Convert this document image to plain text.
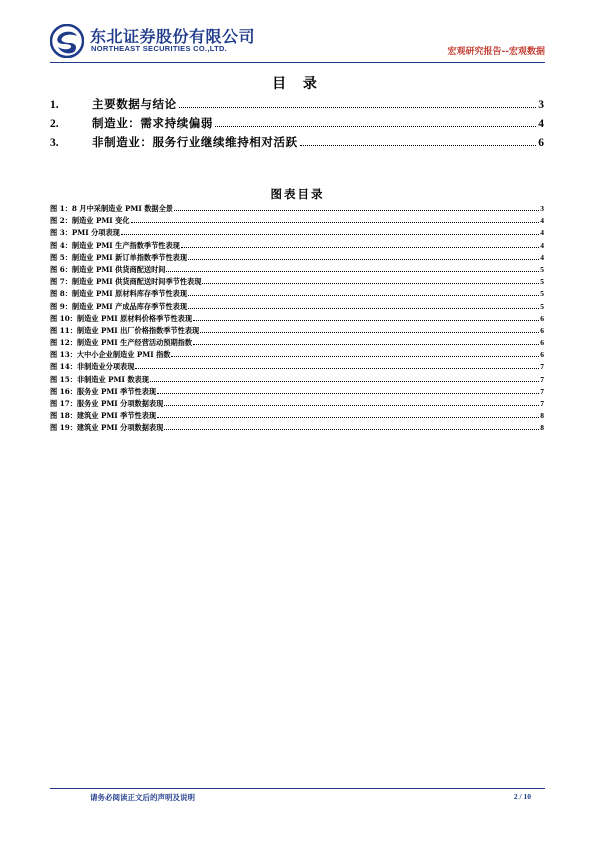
东北证券股份有限公司
NORTHEAST SECURITIES CO.,LTD.	宏观研究报告--宏观数据
目 录
1.	主要数据与结论	3
2.	制造业：需求持续偏弱	4
3.	非制造业：服务行业继续维持相对活跃	6
图表目录
图 1：8 月中采制造业 PMI 数据全景	3
图 2：制造业 PMI 变化	4
图 3：PMI 分项表现	4
图 4：制造业 PMI 生产指数季节性表现	4
图 5：制造业 PMI 新订单指数季节性表现	4
图 6：制造业 PMI 供货商配送时间	5
图 7：制造业 PMI 供货商配送时间季节性表现	5
图 8：制造业 PMI 原材料库存季节性表现	5
图 9：制造业 PMI 产成品库存季节性表现	5
图 10：制造业 PMI 原材料价格季节性表现	6
图 11：制造业 PMI 出厂价格指数季节性表现	6
图 12：制造业 PMI 生产经营活动预期指数	6
图 13：大中小企业制造业 PMI 指数	6
图 14：非制造业分项表现	7
图 15：非制造业 PMI 数表现	7
图 16：服务业 PMI 季节性表现	7
图 17：服务业 PMI 分项数据表现	7
图 18：建筑业 PMI 季节性表现	8
图 19：建筑业 PMI 分项数据表现	8
请务必阅读正文后的声明及说明	2 / 10
